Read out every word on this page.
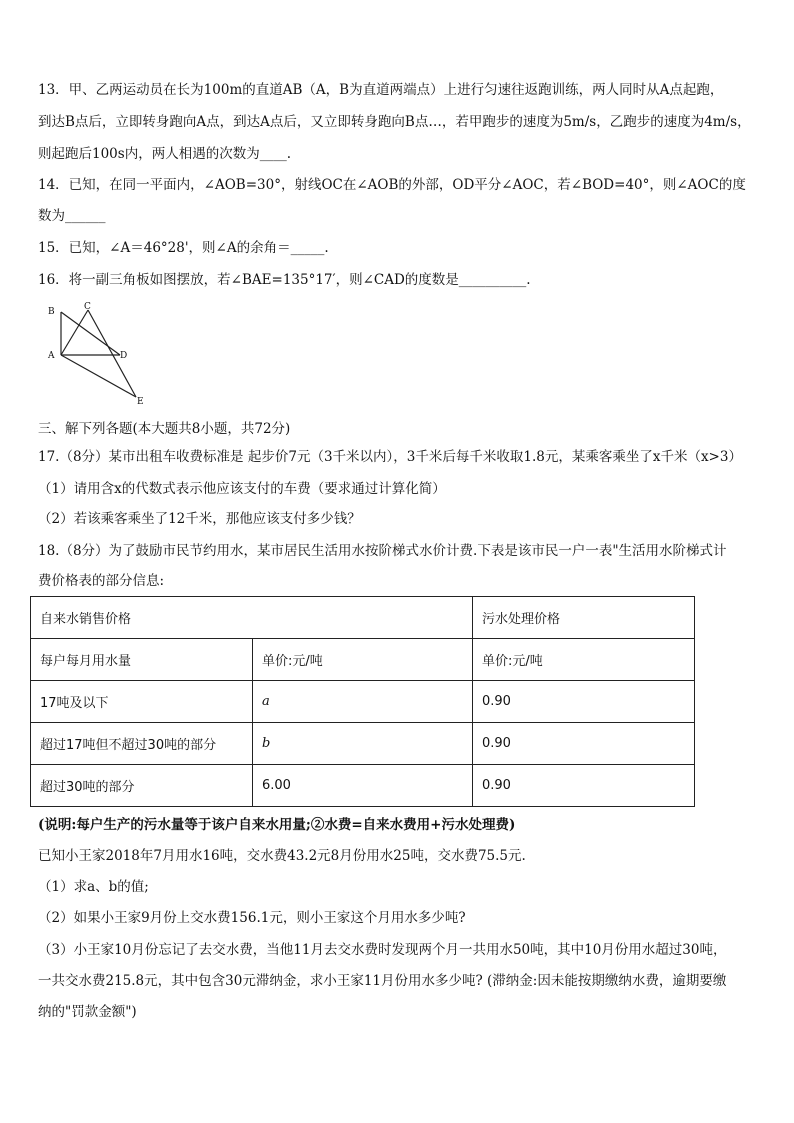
13．甲、乙两运动员在长为100m的直道AB（A，B为直道两端点）上进行匀速往返跑训练，两人同时从A点起跑，
到达B点后，立即转身跑向A点，到达A点后，又立即转身跑向B点…，若甲跑步的速度为5m/s，乙跑步的速度为4m/s，
则起跑后100s内，两人相遇的次数为____.
14．已知，在同一平面内，∠AOB=30°，射线OC在∠AOB的外部，OD平分∠AOC，若∠BOD=40°，则∠AOC的度
数为______
15．已知，∠A＝46°28'，则∠A的余角＝_____.
16．将一副三角板如图摆放，若∠BAE=135°17′，则∠CAD的度数是__________.
B	C
A	D
E
三、解下列各题(本大题共8小题，共72分)
17.（8分）某市出租车收费标准是 起步价7元（3千米以内），3千米后每千米收取1.8元，某乘客乘坐了x千米（x>3）
（1）请用含x的代数式表示他应该支付的车费（要求通过计算化简）
（2）若该乘客乘坐了12千米，那他应该支付多少钱？
18.（8分）为了鼓励市民节约用水，某市居民生活用水按阶梯式水价计费.下表是该市民一户一表"生活用水阶梯式计
费价格表的部分信息:
自来水销售价格		污水处理价格
每户每月用水量	单价:元/吨	单价:元/吨
17吨及以下	a	0.90
超过17吨但不超过30吨的部分	b	0.90
超过30吨的部分	6.00	0.90
(说明:每户生产的污水量等于该户自来水用量;②水费=自来水费用+污水处理费)
已知小王家2018年7月用水16吨，交水费43.2元8月份用水25吨，交水费75.5元.
（1）求a、b的值;
（2）如果小王家9月份上交水费156.1元，则小王家这个月用水多少吨?
（3）小王家10月份忘记了去交水费，当他11月去交水费时发现两个月一共用水50吨，其中10月份用水超过30吨，
一共交水费215.8元，其中包含30元滞纳金，求小王家11月份用水多少吨? (滞纳金:因未能按期缴纳水费，逾期要缴
纳的"罚款金额")
